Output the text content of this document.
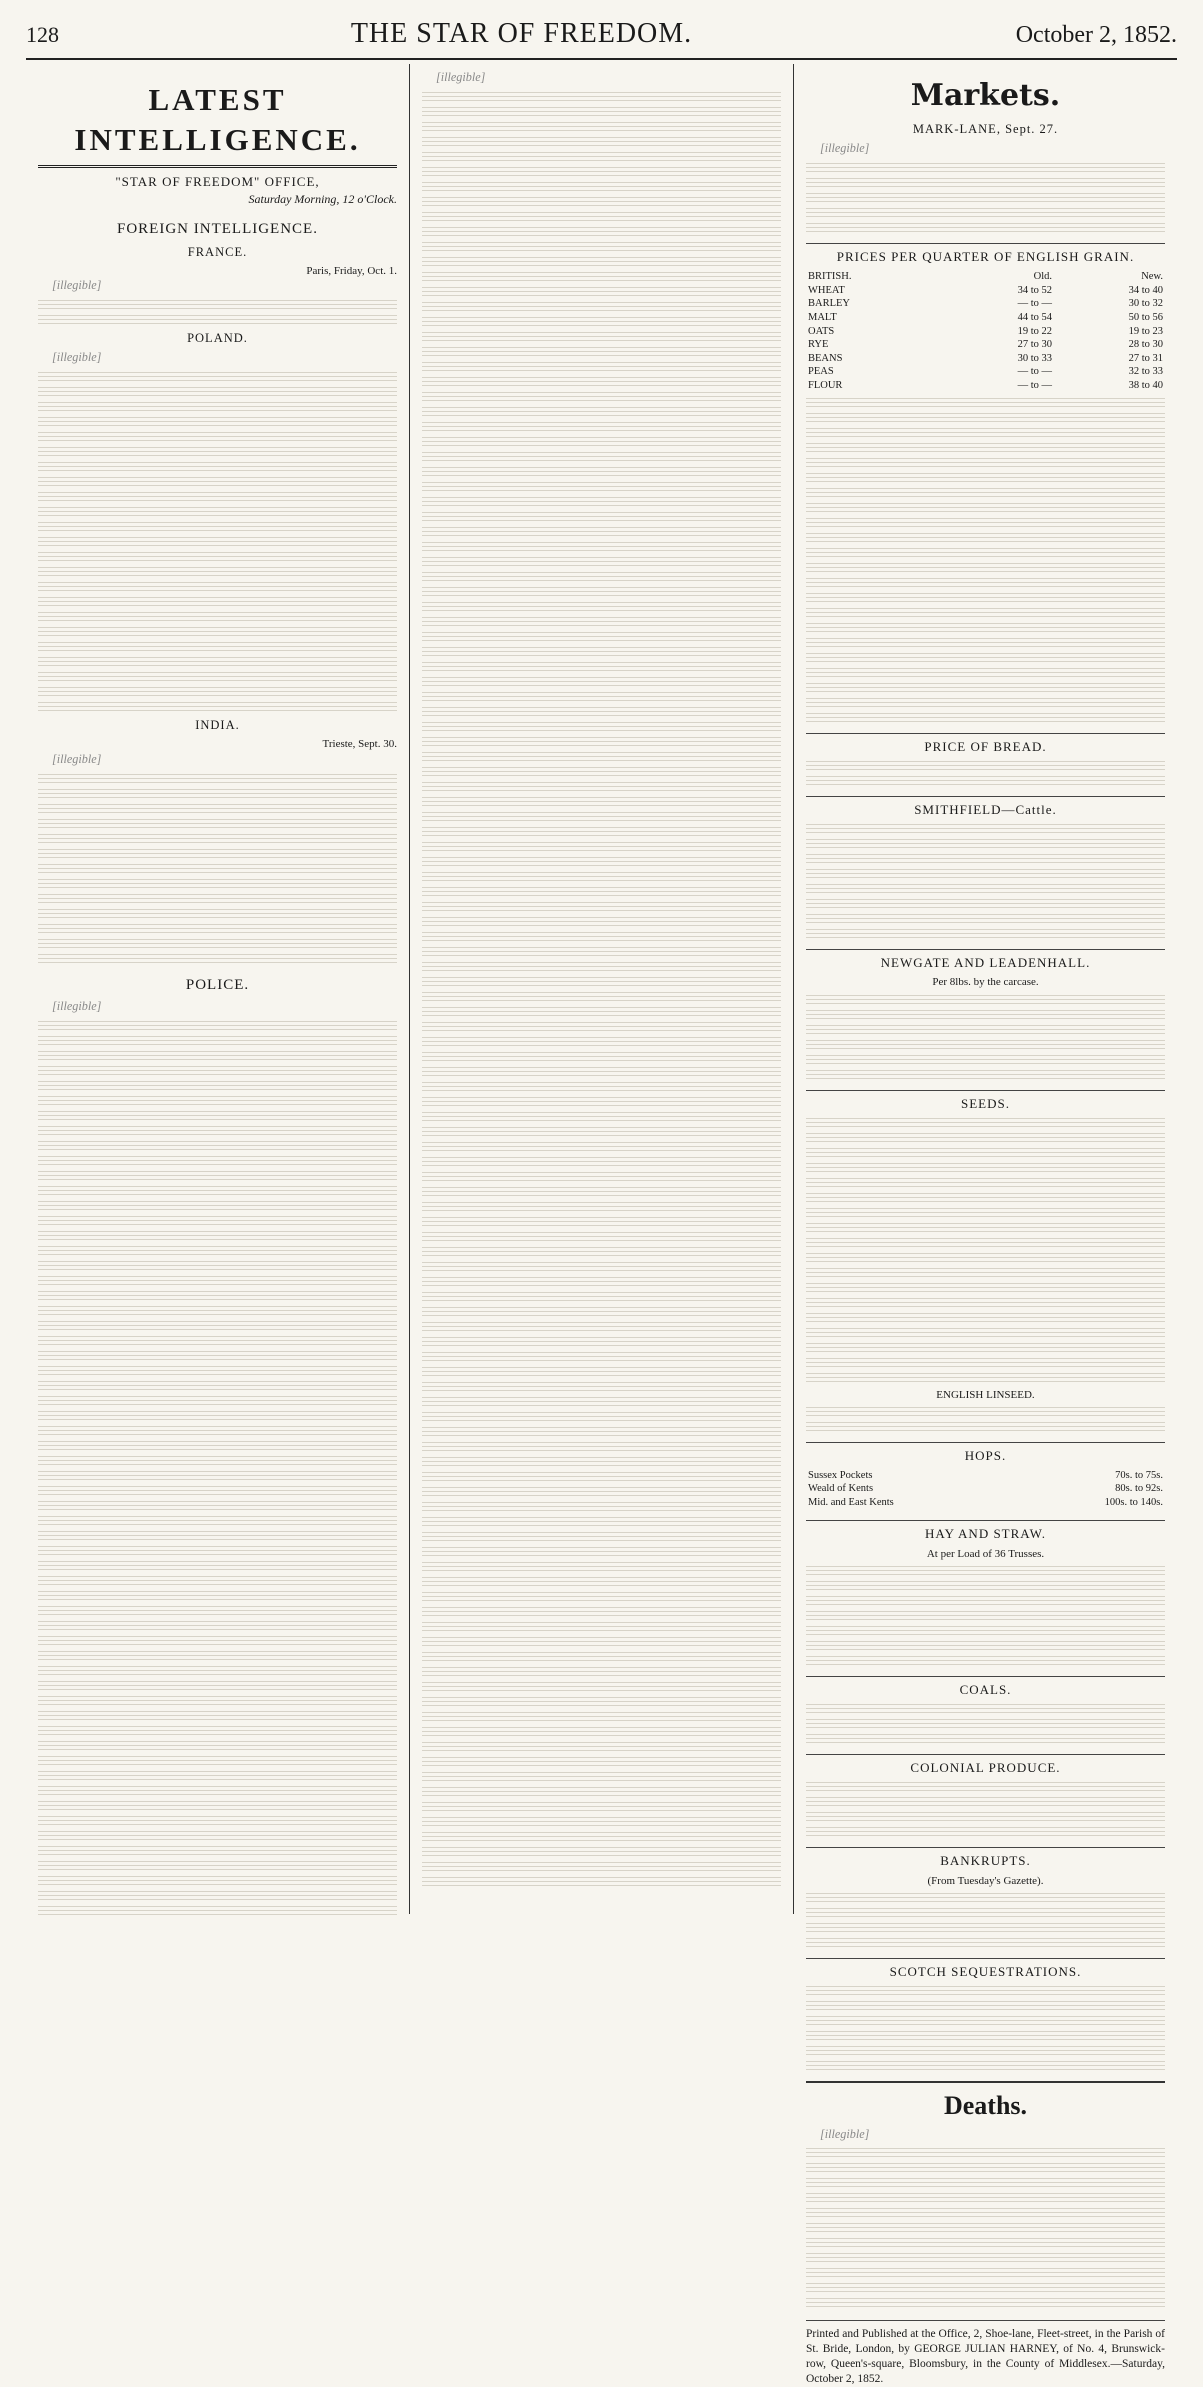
128	THE STAR OF FREEDOM.	October 2, 1852.
LATEST INTELLIGENCE.
"STAR OF FREEDOM" OFFICE,
Saturday Morning, 12 o'Clock.
FOREIGN INTELLIGENCE.
FRANCE.
Paris, Friday, Oct. 1.

[illegible]

POLAND.

[illegible]

INDIA.
Trieste, Sept. 30.

[illegible]

POLICE.

[illegible]

[illegible]

Markets.
MARK-LANE, Sept. 27.

[illegible]

PRICES PER QUARTER OF ENGLISH GRAIN.
BRITISH.	Old.	New.
WHEAT	34 to 52	34 to 40
BARLEY	— to —	30 to 32
MALT	44 to 54	50 to 56
OATS	19 to 22	19 to 23
RYE	27 to 30	28 to 30
BEANS	30 to 33	27 to 31
PEAS	— to —	32 to 33
FLOUR	— to —	38 to 40
PRICE OF BREAD.
SMITHFIELD—Cattle.
NEWGATE AND LEADENHALL.
Per 8lbs. by the carcase.
SEEDS.
ENGLISH LINSEED.
HOPS.
Sussex Pockets	70s. to 75s.
Weald of Kents	80s. to 92s.
Mid. and East Kents	100s. to 140s.
HAY AND STRAW.
At per Load of 36 Trusses.
COALS.
COLONIAL PRODUCE.
BANKRUPTS.
(From Tuesday's Gazette).
SCOTCH SEQUESTRATIONS.
Deaths.

[illegible]

Printed and Published at the Office, 2, Shoe-lane, Fleet-street, in the Parish of St. Bride, London, by GEORGE JULIAN HARNEY, of No. 4, Brunswick-row, Queen's-square, Bloomsbury, in the County of Middlesex.—Saturday, October 2, 1852.
